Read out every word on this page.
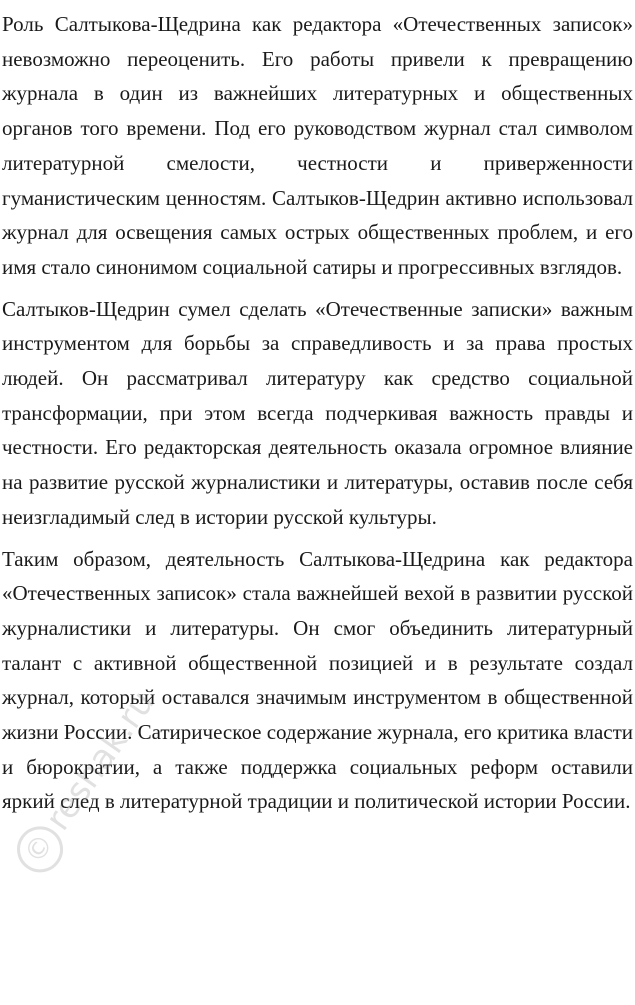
Роль Салтыкова-Щедрина как редактора «Отечественных записок» невозможно переоценить. Его работы привели к превращению журнала в один из важнейших литературных и общественных органов того времени. Под его руководством журнал стал символом литературной смелости, честности и приверженности гуманистическим ценностям. Салтыков-Щедрин активно использовал журнал для освещения самых острых общественных проблем, и его имя стало синонимом социальной сатиры и прогрессивных взглядов.

Салтыков-Щедрин сумел сделать «Отечественные записки» важным инструментом для борьбы за справедливость и за права простых людей. Он рассматривал литературу как средство социальной трансформации, при этом всегда подчеркивая важность правды и честности. Его редакторская деятельность оказала огромное влияние на развитие русской журналистики и литературы, оставив после себя неизгладимый след в истории русской культуры.

Таким образом, деятельность Салтыкова-Щедрина как редактора «Отечественных записок» стала важнейшей вехой в развитии русской журналистики и литературы. Он смог объединить литературный талант с активной общественной позицией и в результате создал журнал, который оставался значимым инструментом в общественной жизни России. Сатирическое содержание журнала, его критика власти и бюрократии, а также поддержка социальных реформ оставили яркий след в литературной традиции и политической истории России.

©reshak.ru
